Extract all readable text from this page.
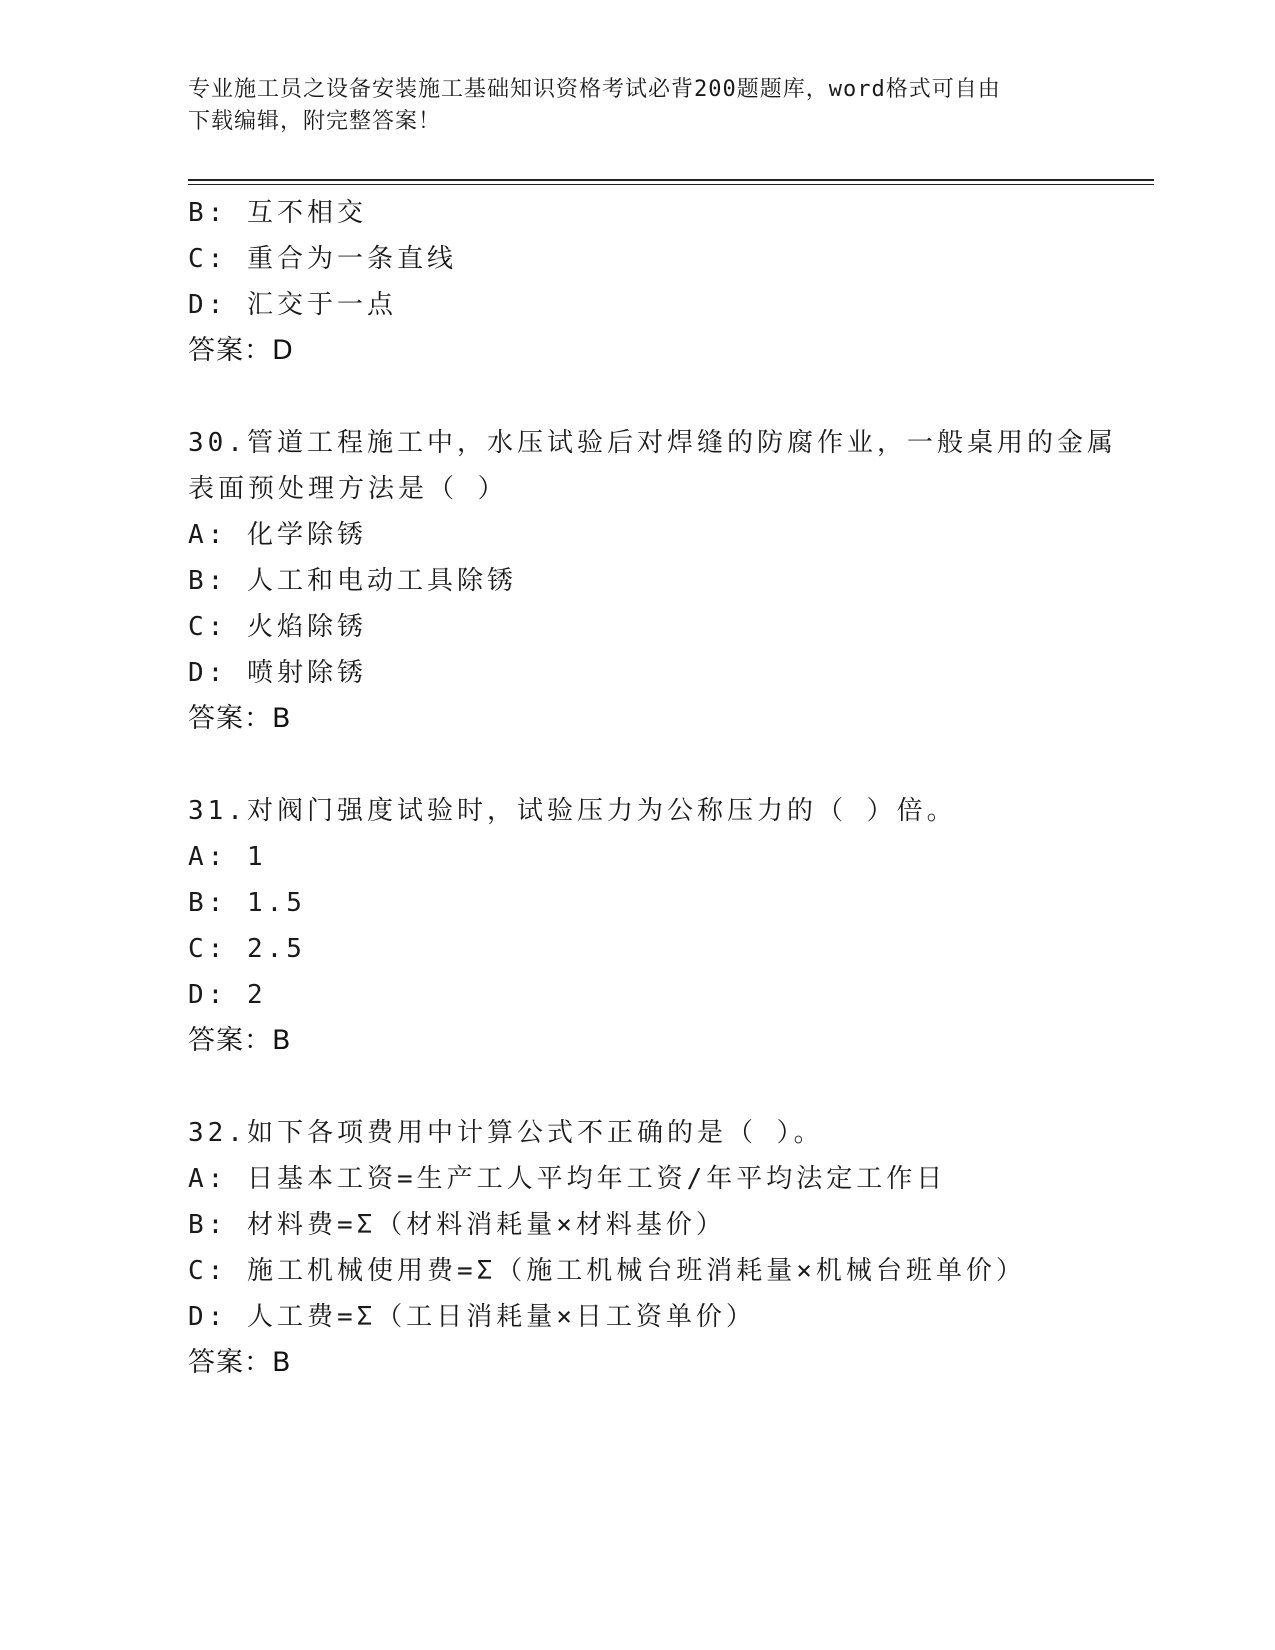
专业施工员之设备安装施工基础知识资格考试必背200题题库，word格式可自由
下载编辑，附完整答案！
B: 互不相交
C: 重合为一条直线
D: 汇交于一点
答案：D
30.管道工程施工中，水压试验后对焊缝的防腐作业，一般桌用的金属
表面预处理方法是（ ）
A: 化学除锈
B: 人工和电动工具除锈
C: 火焰除锈
D: 喷射除锈
答案：B
31.对阀门强度试验时，试验压力为公称压力的（ ）倍。
A: 1
B: 1.5
C: 2.5
D: 2
答案：B
32.如下各项费用中计算公式不正确的是（ ）。
A: 日基本工资=生产工人平均年工资/年平均法定工作日
B: 材料费=Σ（材料消耗量×材料基价）
C: 施工机械使用费=Σ（施工机械台班消耗量×机械台班单价）
D: 人工费=Σ（工日消耗量×日工资单价）
答案：B
